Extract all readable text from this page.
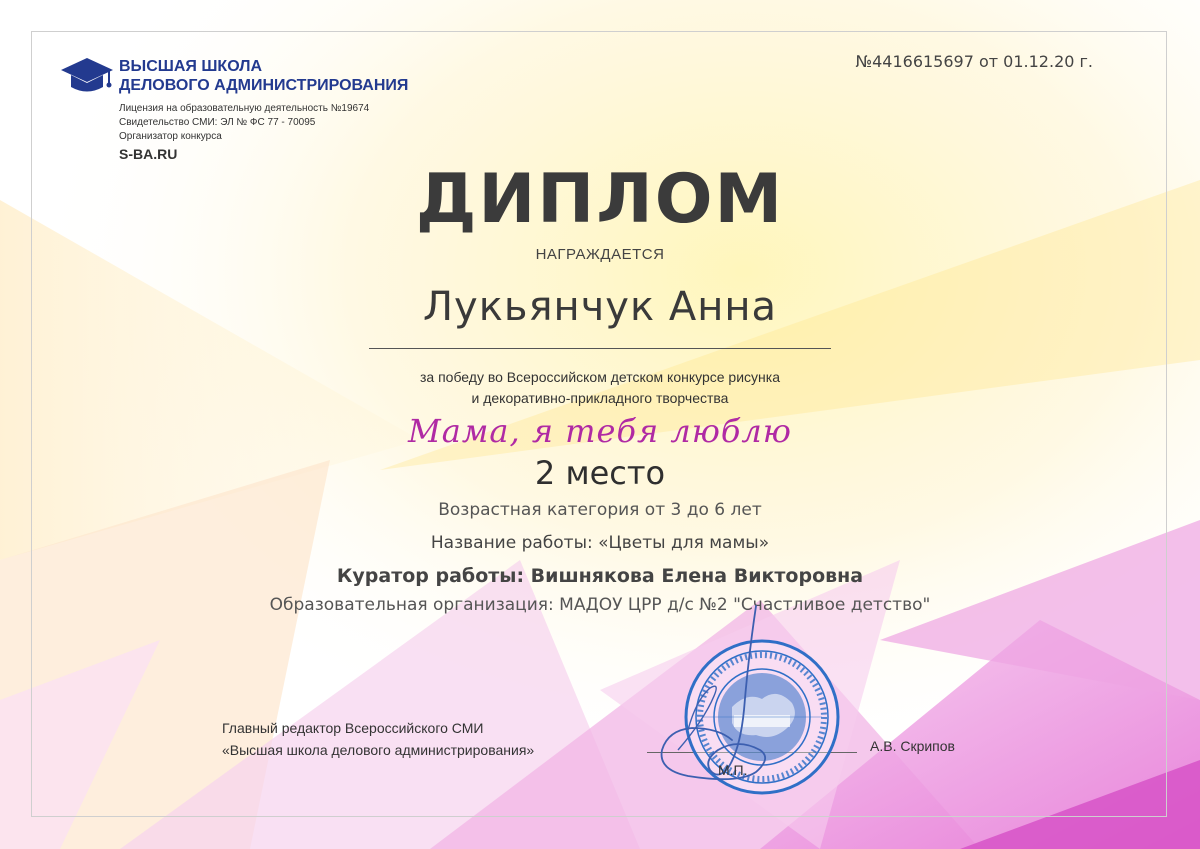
ВЫСШАЯ ШКОЛА
ДЕЛОВОГО АДМИНИСТРИРОВАНИЯ
Лицензия на образовательную деятельность №19674
Свидетельство СМИ: ЭЛ № ФС 77 - 70095
Организатор конкурса
S-BA.RU
№4416615697 от 01.12.20 г.
ДИПЛОМ
НАГРАЖДАЕТСЯ
Лукьянчук Анна
за победу во Всероссийском детском конкурсе рисунка
и декоративно-прикладного творчества
Мама, я тебя люблю
2 место
Возрастная категория от 3 до 6 лет
Название работы: «Цветы для мамы»
Куратор работы: Вишнякова Елена Викторовна
Образовательная организация: МАДОУ ЦРР д/с №2 "Счастливое детство"
Главный редактор Всероссийского СМИ
«Высшая школа делового администрирования»
М.П.
А.В. Скрипов
